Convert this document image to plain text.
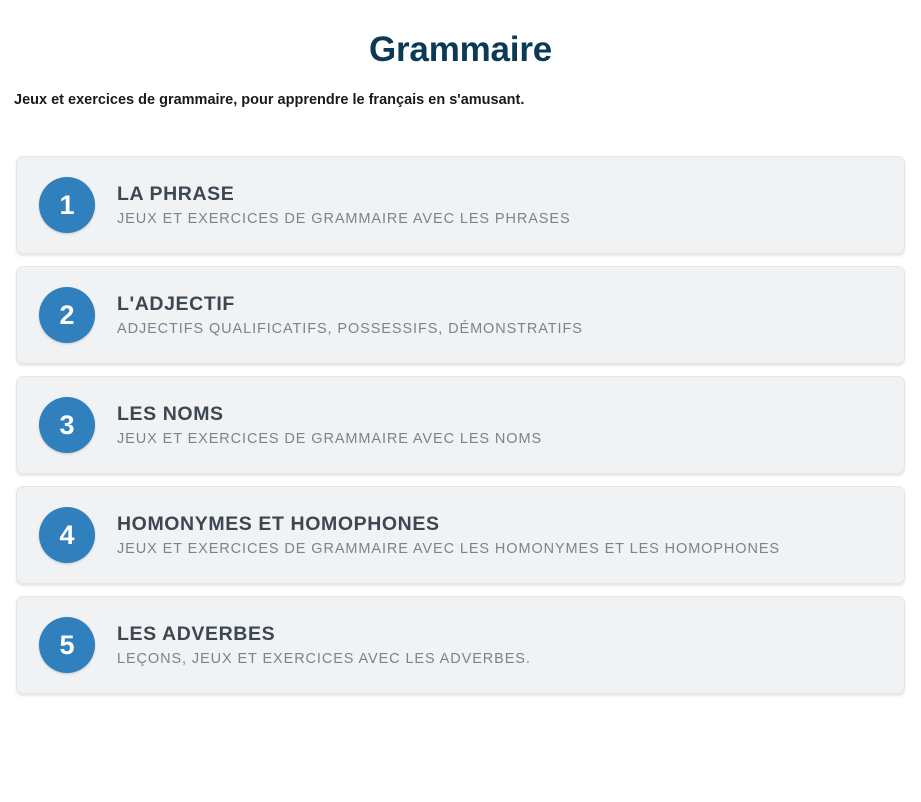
Grammaire

Jeux et exercices de grammaire, pour apprendre le français en s'amusant.

1	LA PHRASE
JEUX ET EXERCICES DE GRAMMAIRE AVEC LES PHRASES
2	L'ADJECTIF
ADJECTIFS QUALIFICATIFS, POSSESSIFS, DÉMONSTRATIFS
3	LES NOMS
JEUX ET EXERCICES DE GRAMMAIRE AVEC LES NOMS
4	HOMONYMES ET HOMOPHONES
JEUX ET EXERCICES DE GRAMMAIRE AVEC LES HOMONYMES ET LES HOMOPHONES
5	LES ADVERBES
LEÇONS, JEUX ET EXERCICES AVEC LES ADVERBES.
